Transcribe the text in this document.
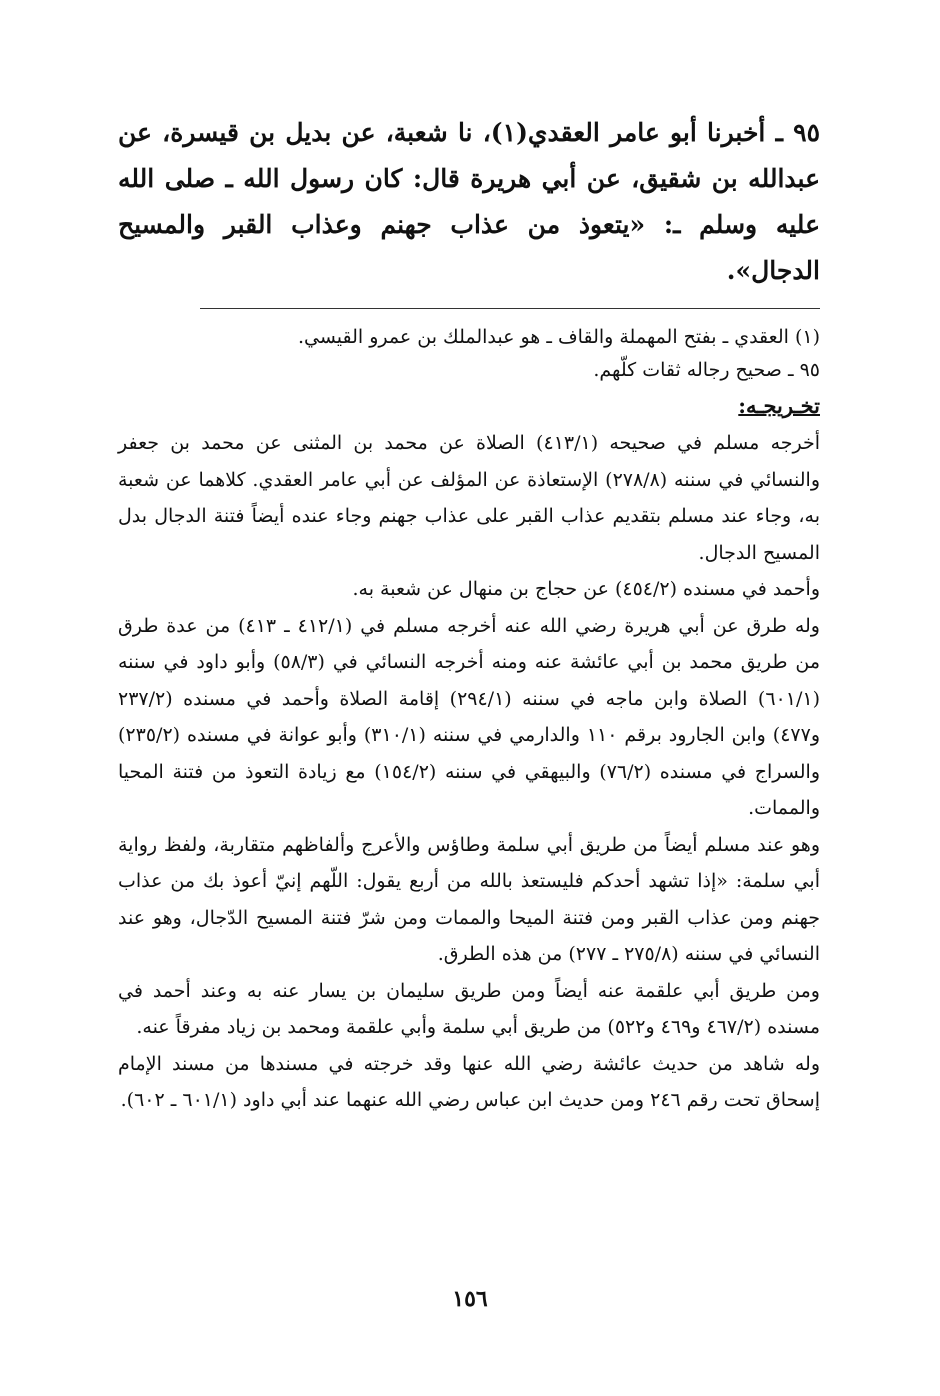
٩٥ ـ أخبرنا أبو عامر العقدي(١)، نا شعبة، عن بديل بن قيسرة، عن عبدالله بن شقيق، عن أبي هريرة قال: كان رسول الله ـ صلى الله عليه وسلم ـ: «يتعوذ من عذاب جهنم وعذاب القبر والمسيح الدجال».

(١) العقدي ـ بفتح المهملة والقاف ـ هو عبدالملك بن عمرو القيسي.

٩٥ ـ صحيح رجاله ثقات كلّهم.

تخـريجـه:

أخرجه مسلم في صحيحه (٤١٣/١) الصلاة عن محمد بن المثنى عن محمد بن جعفر والنسائي في سننه (٢٧٨/٨) الإستعاذة عن المؤلف عن أبي عامر العقدي. كلاهما عن شعبة به، وجاء عند مسلم بتقديم عذاب القبر على عذاب جهنم وجاء عنده أيضاً فتنة الدجال بدل المسيح الدجال.

وأحمد في مسنده (٤٥٤/٢) عن حجاج بن منهال عن شعبة به.

وله طرق عن أبي هريرة رضي الله عنه أخرجه مسلم في (٤١٢/١ ـ ٤١٣) من عدة طرق من طريق محمد بن أبي عائشة عنه ومنه أخرجه النسائي في (٥٨/٣) وأبو داود في سننه (٦٠١/١) الصلاة وابن ماجه في سننه (٢٩٤/١) إقامة الصلاة وأحمد في مسنده (٢٣٧/٢ و٤٧٧) وابن الجارود برقم ١١٠ والدارمي في سننه (٣١٠/١) وأبو عوانة في مسنده (٢٣٥/٢) والسراج في مسنده (٧٦/٢) والبيهقي في سننه (١٥٤/٢) مع زيادة التعوذ من فتنة المحيا والممات.

وهو عند مسلم أيضاً من طريق أبي سلمة وطاؤس والأعرج وألفاظهم متقاربة، ولفظ رواية أبي سلمة: «إذا تشهد أحدكم فليستعذ بالله من أربع يقول: اللّهم إنيّ أعوذ بك من عذاب جهنم ومن عذاب القبر ومن فتنة الميحا والممات ومن شرّ فتنة المسيح الدّجال، وهو عند النسائي في سننه (٢٧٥/٨ ـ ٢٧٧) من هذه الطرق.

ومن طريق أبي علقمة عنه أيضاً ومن طريق سليمان بن يسار عنه به وعند أحمد في مسنده (٤٦٧/٢ و٤٦٩ و٥٢٢) من طريق أبي سلمة وأبي علقمة ومحمد بن زياد مفرقاً عنه.

وله شاهد من حديث عائشة رضي الله عنها وقد خرجته في مسندها من مسند الإمام إسحاق تحت رقم ٢٤٦ ومن حديث ابن عباس رضي الله عنهما عند أبي داود (٦٠١/١ ـ ٦٠٢).

١٥٦
